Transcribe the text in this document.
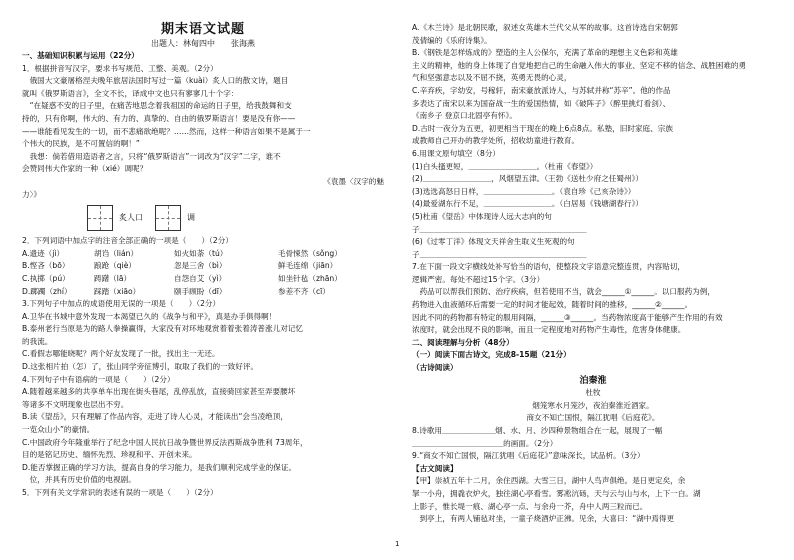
期末语文试题
出题人：林甸四中　　张海燕
一、基础知识积累与运用（22分）
1．根据拼音写汉字，要求书写规范、工整、美观。（2分）
　俄国大文豪屠格涅夫晚年旅居法国时写过一篇（kuài）炙人口的散文诗，题目
就叫《俄罗斯语言》，全文不长，译成中文也只有寥寥几十个字：
　“在疑惑不安的日子里，在痛苦地思念着我祖国的命运的日子里，给我鼓舞和支
持的，只有你啊，伟大的、有力的、真挚的、自由的俄罗斯语言！要是没有你——
——谁能看见发生的一切，而不悲痛欲绝呢？……然而，这样一种语言如果不是属于一
个伟大的民族，是不可置信的啊！”
　我想：倘若借用造语者之言，只将“俄罗斯语言”一词改为“汉字”二字，谁不
会赞同伟大作家的一种（xié）调呢？
《袁墨〈汉字的魅
力〉》
炙人口	调
2．下列词语中加点字的注音全部正确的一项是（　　）（2分）
A.遗迹（jì）	胡诌（lián）	如火如荼（tú）	毛骨悚然（sǒng）
B.悭吝（bō）	踉跄（qiè）	忽是三舍（bì）	鲜毛连绵（jiān）
C.执掷（pú）	踌躇（lā）	自怨自艾（yì）	如坐针毡（zhān）
D.踯躅（zhí）	踩踏（xiāo）	颐手顾盼（dī）	参差不齐（cī）
3.下列句子中加点的成语使用无误的一项是（　　）（2分）
A.卫华在书城中意外发现一本渴望已久的《战争与和平》，真是办手俱得啊！
B.泰州老行当原是为的路人拳操赢得，大家没有对环地观赏着着张着涛普涨儿对记忆
的我流。
C.看假志哪能晓呢？两个好友发现了一批，找出主一无还。
D.这张相片拍（怎）了，张山同学旁征博引，取取了我们的一致好评。
4.下列句子中有语病的一项是（　　）（2分）
A.随着越来越多的共享单车出现在街头巷尾，乱停乱放，直接骑回家甚至弄要腰坏
等诸多不文明现象也层出不穷。
B.读《望岳》，只有理解了作品内容，走进了诗人心灵，才能读出“会当凌绝顶，
一览众山小”的豪情。
C.中国政府今年隆重举行了纪念中国人民抗日战争暨世界反法西斯战争胜利 73周年，
目的是铭记历史、缅怀先烈、珍视和平、开创未来。
D.能否掌握正确的学习方法，提高自身的学习能力，是我们顺利完成学业的保证。
　位，并具有历史价值的电视剧。
5．下列有关文学常识的表述有误的一项是（　　）（2分）
A.《木兰诗》是北朝民歌，叙述女英雄木兰代父从军的故事。这首诗选自宋朝郭
茂倩编的《乐府诗集》。
B.《钢铁是怎样炼成的》塑造的主人公保尔，充满了革命的理想主义色彩和英雄
主义的精神，他的身上体现了自觉地把自己的生命融入伟大的事业、坚定不移的信念、战胜困难的勇
气和坚强意志以及不屈不挠，英勇无畏的心灵，
C.辛弃疾，字幼安，号稼轩，南宋豪放派诗人，与苏轼并称“苏辛”。他的作品
多表达了南宋以来为国奋战一生的爱国热情，如《破阵子》（醉里挑灯看剑）、
《南乡子 登京口北固亭有怀》。
D.古时一夜分为五更，初更相当于现在的晚上6点8点。私塾，旧时家庭、宗族
或教师自己开办的教学处所，招收幼童进行教育。
6.用课文原句填空（8分）
(1)白头搔更短，＿＿＿＿＿＿＿＿＿。（杜甫《春望》）
(2)＿＿＿＿＿＿＿＿＿，风烟望五津。（王勃《送杜少府之任蜀州》）
(3)选选高怒日日样，＿＿＿＿＿＿＿＿＿。（袁自珍《己亥杂诗》）
(4)最爱湖东行不足，＿＿＿＿＿＿＿＿＿。（白居易《钱塘湖春行》）
(5)杜甫《望岳》中体现诗人远大志向的句
子＿＿＿＿＿＿＿＿＿＿＿＿＿＿＿＿＿＿＿＿＿＿
(6)《过零丁洋》体现文天祥舍生取义生死观的句
子＿＿＿＿＿＿＿＿＿＿＿＿＿＿＿＿＿＿＿＿＿＿
7.在下面一段文字横线处补写恰当的语句，使整段文字语意完整连贯，内容贴切，
逻辑严密。每处不超过15个字。（3分）
　药品可以帮我们预防、治疗疾病，但若使用不当，就会______①______。以口服药为例，
药物进入血液循环后需要一定的时间才能起效，随着时间的推移，______②______。
因此不同的药物都有特定的服用间隔，______③______。当药物浓度高于能够产生作用的有效
浓度时，就会出现不良的影响，而且一定程度地对药物产生毒性，危害身体健康。
二、阅读理解与分析（48分）
（一）阅读下面古诗文，完成8-15题（21分）
（古诗阅读）
泊秦淮
杜牧
烟笼寒水月笼沙，夜泊秦淮近酒家。
商女不知亡国恨，隔江犹唱《后庭花》。
8.诗歌用＿＿＿＿＿＿＿烟、水、月、沙四种景物组合在一起，展现了一幅
＿＿＿＿＿＿＿＿＿＿＿＿的画面。（2分）
9.“商女不知亡国恨，隔江犹唱《后庭花》”意味深长，试品析。（3分）
【古文阅读】
【甲】崇祯五年十二月，余住西湖。大雪三日，湖中人鸟声俱绝。是日更定矣，余
拏一小舟，拥毳衣炉火，独往湖心亭看雪。雾凇沆砀，天与云与山与水，上下一白。湖
上影子，惟长堤一痕、湖心亭一点、与余舟一芥，舟中人两三粒而已。
　到亭上，有两人铺毡对坐，一童子烧酒炉正沸。见余，大喜曰：“湖中焉得更
1
